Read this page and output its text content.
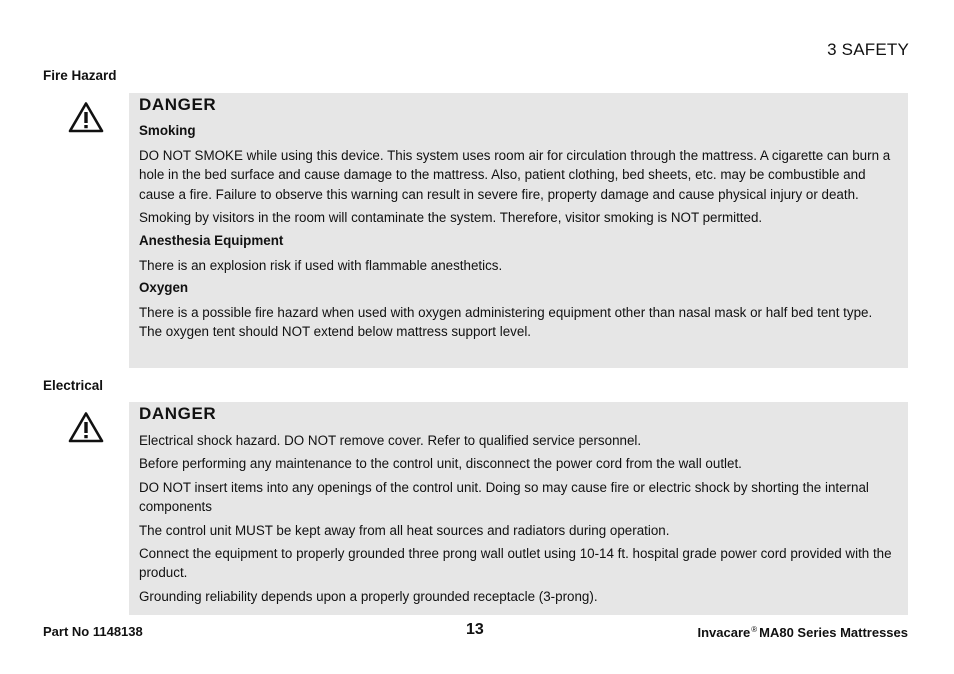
3 SAFETY
Fire Hazard
DANGER
Smoking
DO NOT SMOKE while using this device. This system uses room air for circulation through the mattress. A cigarette can burn a hole in the bed surface and cause damage to the mattress. Also, patient clothing, bed sheets, etc. may be combustible and cause a fire. Failure to observe this warning can result in severe fire, property damage and cause physical injury or death.
Smoking by visitors in the room will contaminate the system. Therefore, visitor smoking is NOT permitted.
Anesthesia Equipment
There is an explosion risk if used with flammable anesthetics.
Oxygen
There is a possible fire hazard when used with oxygen administering equipment other than nasal mask or half bed tent type. The oxygen tent should NOT extend below mattress support level.
Electrical
DANGER
Electrical shock hazard. DO NOT remove cover. Refer to qualified service personnel.
Before performing any maintenance to the control unit, disconnect the power cord from the wall outlet.
DO NOT insert items into any openings of the control unit. Doing so may cause fire or electric shock by shorting the internal components
The control unit MUST be kept away from all heat sources and radiators during operation.
Connect the equipment to properly grounded three prong wall outlet using 10-14 ft. hospital grade power cord provided with the product.
Grounding reliability depends upon a properly grounded receptacle (3-prong).
Part No 1148138	13	Invacare® MA80 Series Mattresses
